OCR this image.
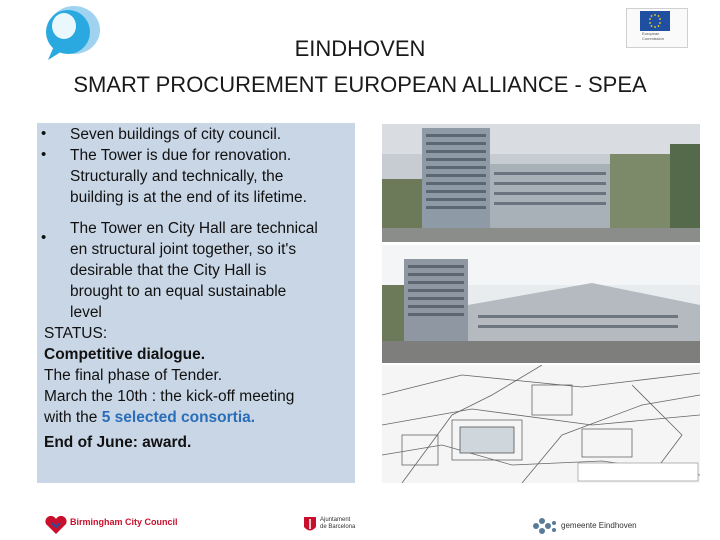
European
Commission
EINDHOVEN
SMART PROCUREMENT EUROPEAN ALLIANCE - SPEA
• Seven buildings of city council.
• The Tower is due for renovation.
Structurally and technically, the
building is at the end of its lifetime.
•
The Tower en City Hall are technical
en structural joint together, so it's
desirable that the City Hall is
brought to an equal sustainable
level
STATUS:
Competitive dialogue.
The final phase of Tender.
March the 10th : the kick-off meeting
with the 5 selected consortia.
End of June: award.
Birmingham City Council	Ajuntament
de Barcelona	gemeente Eindhoven
